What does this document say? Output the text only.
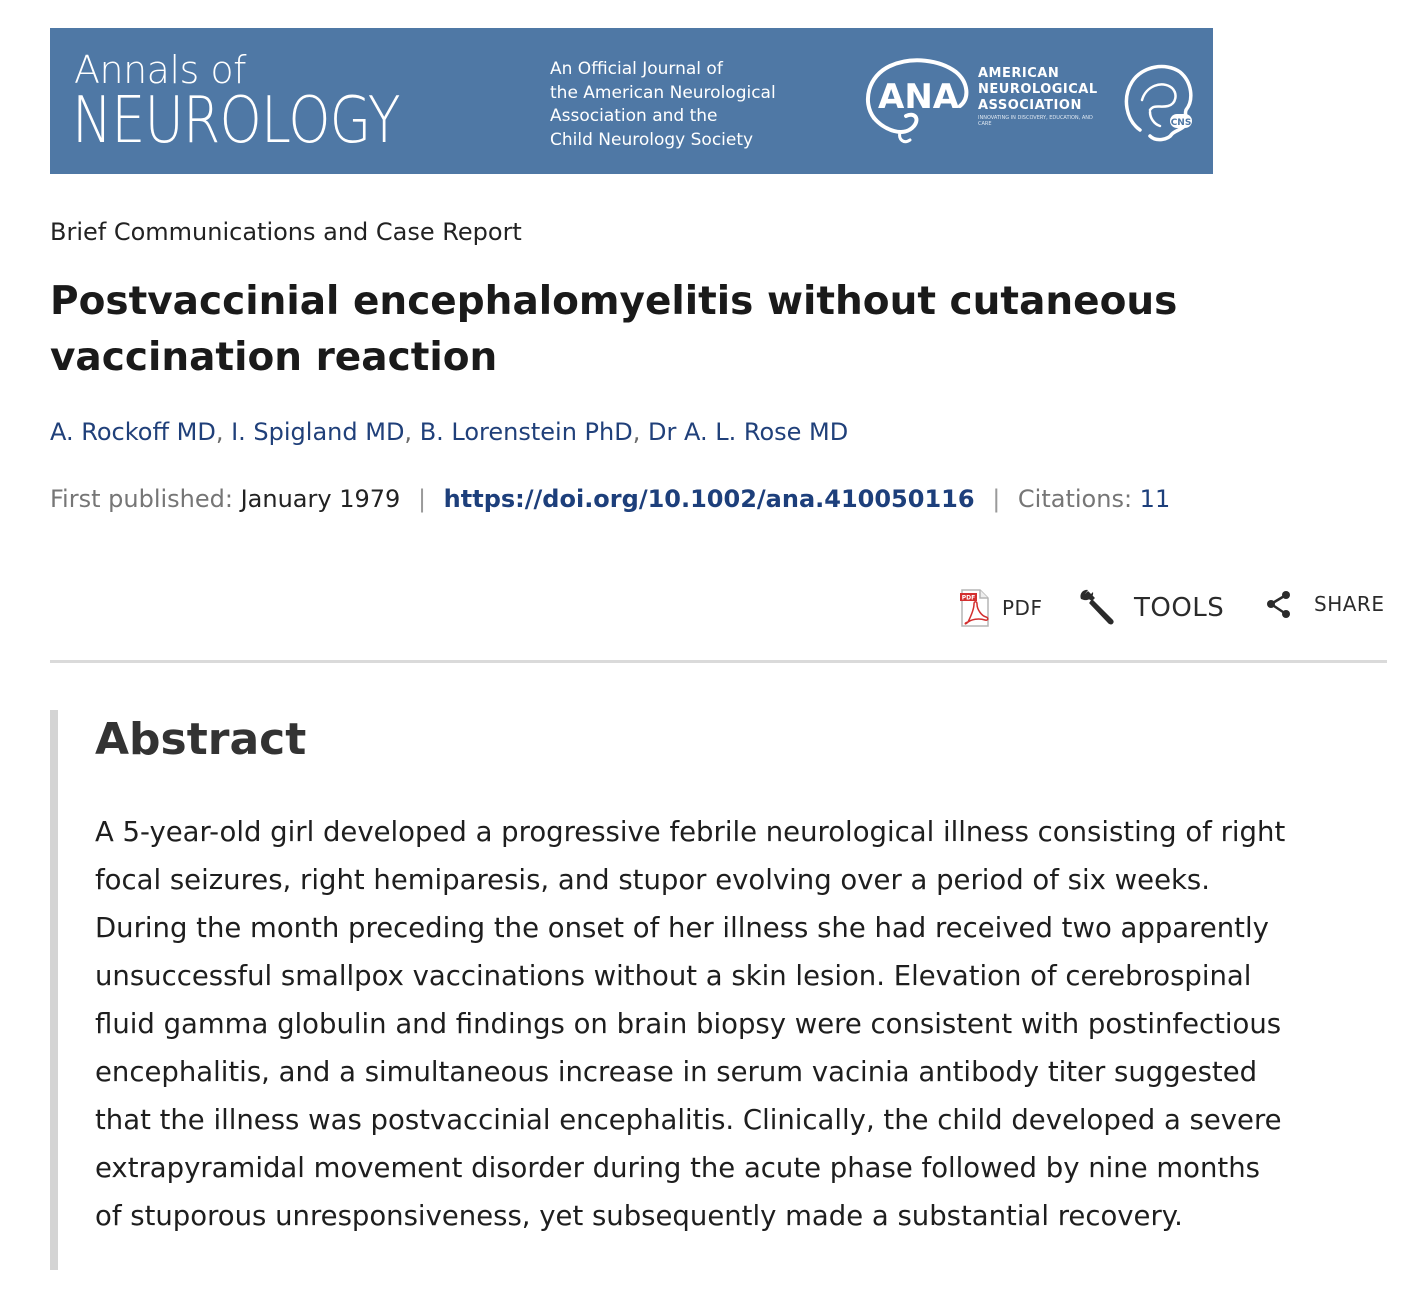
Annals of
NEUROLOGY
An Official Journal of
the American Neurological
Association and the
Child Neurology Society
ANA
AMERICAN
NEUROLOGICAL
ASSOCIATION
INNOVATING IN DISCOVERY, EDUCATION, AND CARE	CNS
Brief Communications and Case Report
Postvaccinial encephalomyelitis without cutaneous vaccination reaction
A. Rockoff MD, I. Spigland MD, B. Lorenstein PhD, Dr A. L. Rose MD
First published: January 1979 | https://doi.org/10.1002/ana.410050116 | Citations: 11
PDF PDF	TOOLS	SHARE
Abstract

A 5-year-old girl developed a progressive febrile neurological illness consisting of right
focal seizures, right hemiparesis, and stupor evolving over a period of six weeks.
During the month preceding the onset of her illness she had received two apparently
unsuccessful smallpox vaccinations without a skin lesion. Elevation of cerebrospinal
fluid gamma globulin and findings on brain biopsy were consistent with postinfectious
encephalitis, and a simultaneous increase in serum vacinia antibody titer suggested
that the illness was postvaccinial encephalitis. Clinically, the child developed a severe
extrapyramidal movement disorder during the acute phase followed by nine months
of stuporous unresponsiveness, yet subsequently made a substantial recovery.
